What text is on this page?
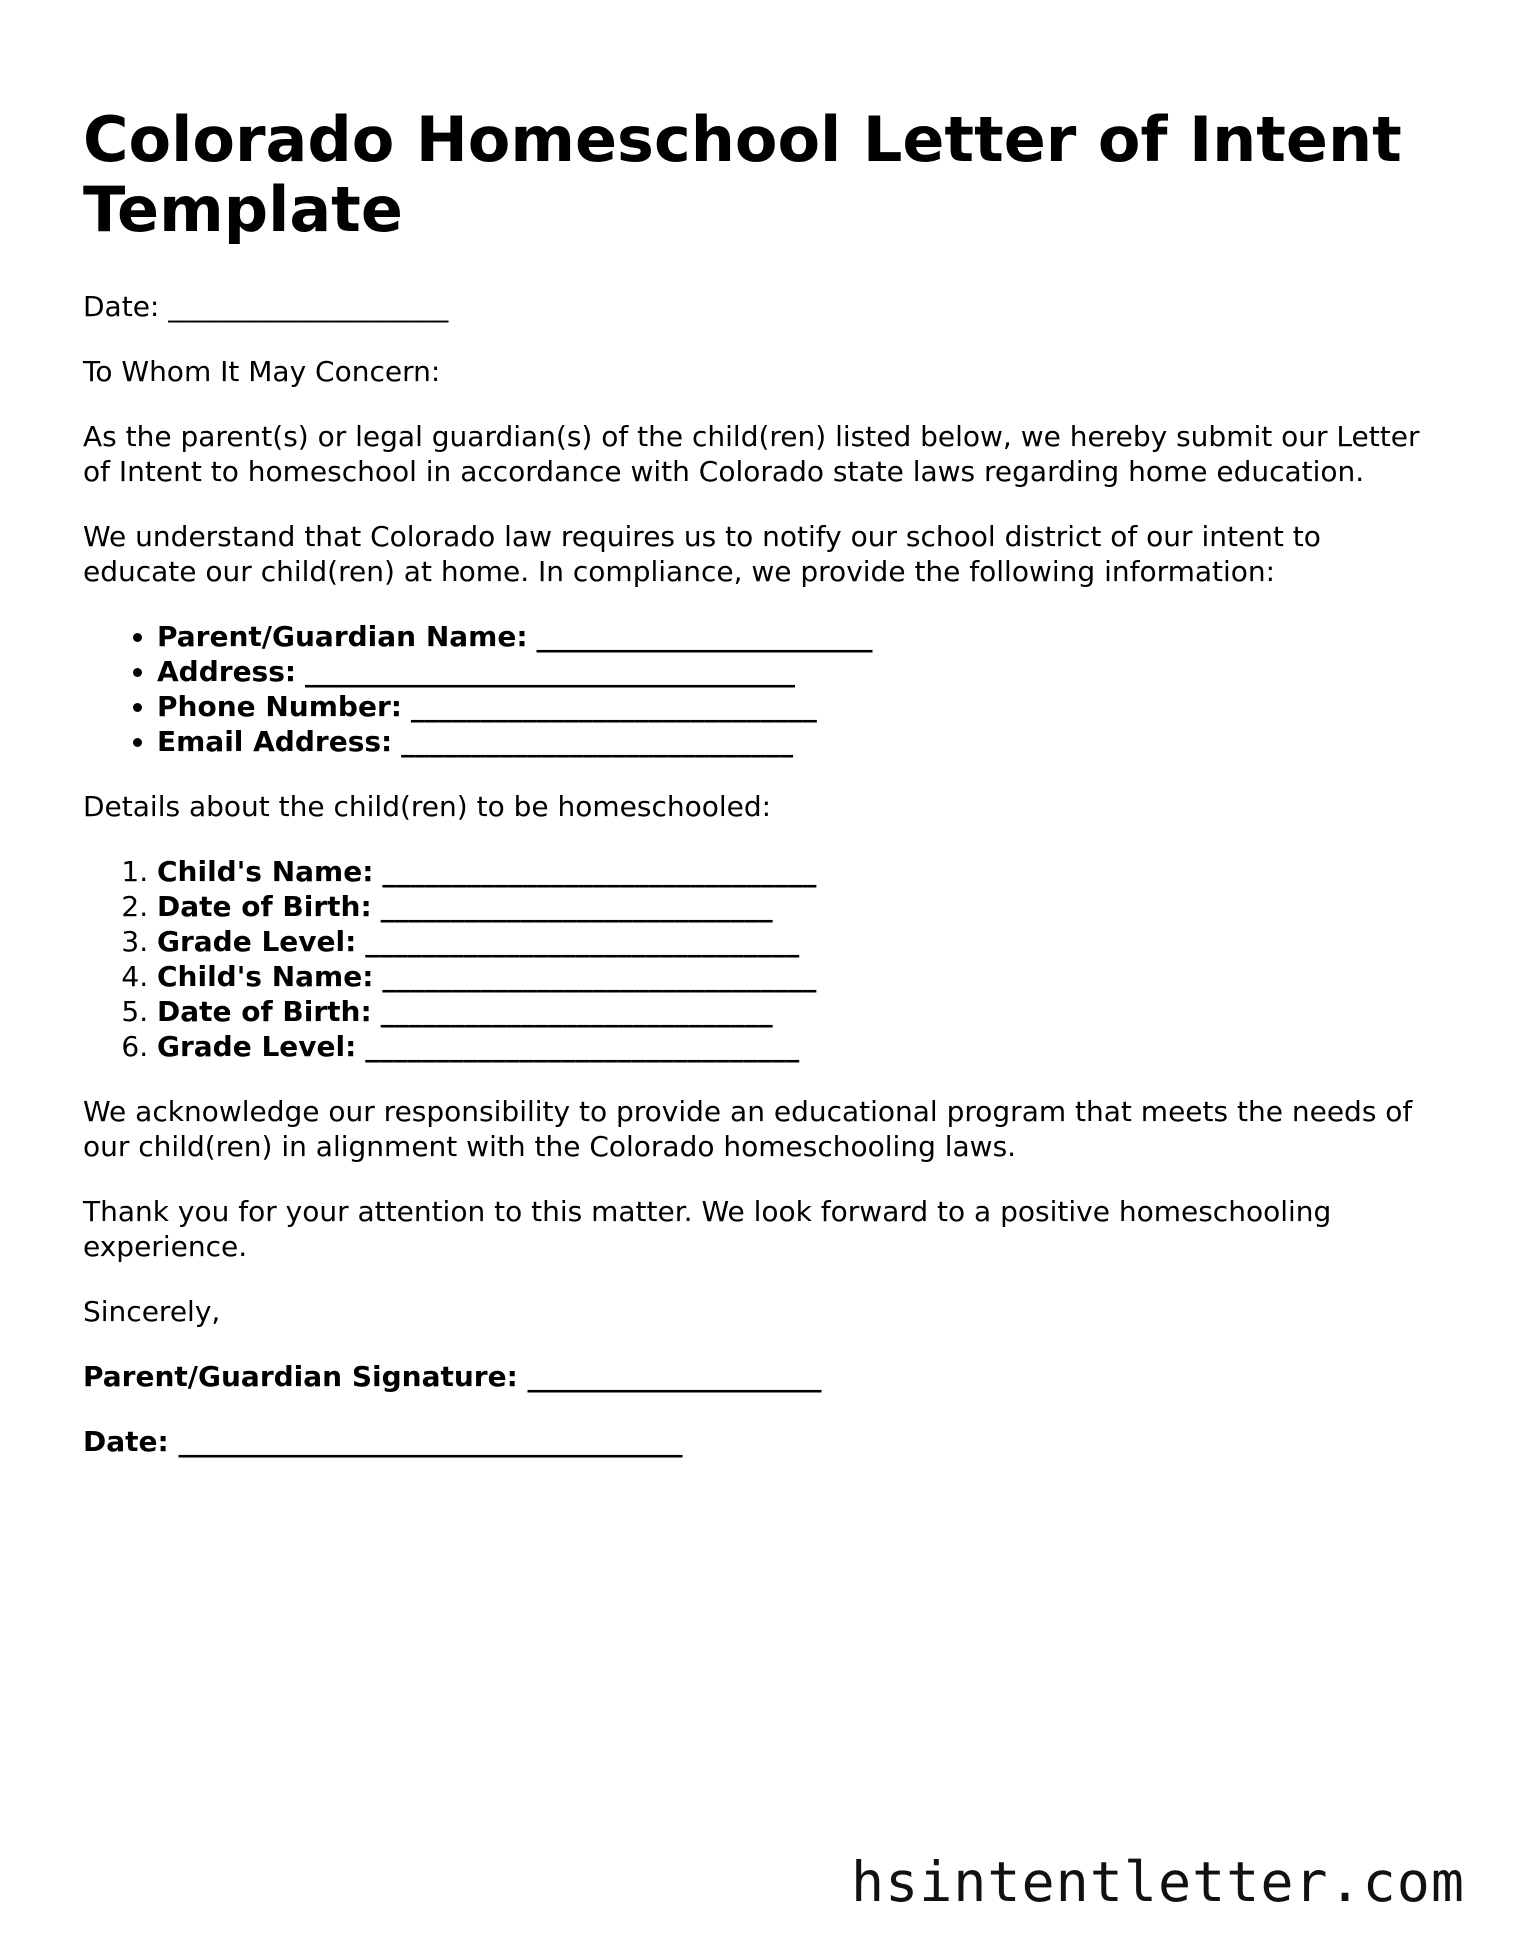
Colorado Homeschool Letter of Intent Template

Date: ____________________

To Whom It May Concern:

As the parent(s) or legal guardian(s) of the child(ren) listed below, we hereby submit our Letter of Intent to homeschool in accordance with Colorado state laws regarding home education.

We understand that Colorado law requires us to notify our school district of our intent to educate our child(ren) at home. In compliance, we provide the following information:

• Parent/Guardian Name: ________________________
• Address: ___________________________________
• Phone Number: _____________________________
• Email Address: ____________________________

Details about the child(ren) to be homeschooled:

1. Child's Name: _______________________________
2. Date of Birth: ____________________________
3. Grade Level: _______________________________
4. Child's Name: _______________________________
5. Date of Birth: ____________________________
6. Grade Level: _______________________________

We acknowledge our responsibility to provide an educational program that meets the needs of our child(ren) in alignment with the Colorado homeschooling laws.

Thank you for your attention to this matter. We look forward to a positive homeschooling experience.

Sincerely,

Parent/Guardian Signature: _____________________

Date: ____________________________________

hsintentletter.com
